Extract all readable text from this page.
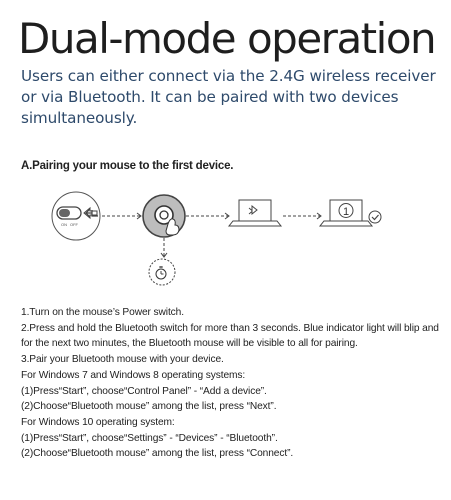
Dual-mode operation

Users can either connect via the 2.4G wireless receiver or via Bluetooth. It can be paired with two devices simultaneously.

A.Pairing your mouse to the first device.

ON OFF
1

1.Turn on the mouse’s Power switch.

2.Press and hold the Bluetooth switch for more than 3 seconds. Blue indicator light will blip and for the next two minutes, the Bluetooth mouse will be visible to all for pairing.

3.Pair your Bluetooth mouse with your device.

For Windows 7 and Windows 8 operating systems:

(1)Press“Start”, choose“Control Panel” - “Add a device”.

(2)Choose“Bluetooth mouse” among the list, press “Next”.

For Windows 10 operating system:

(1)Press“Start”, choose“Settings” - “Devices” - “Bluetooth”.

(2)Choose“Bluetooth mouse” among the list, press “Connect”.
